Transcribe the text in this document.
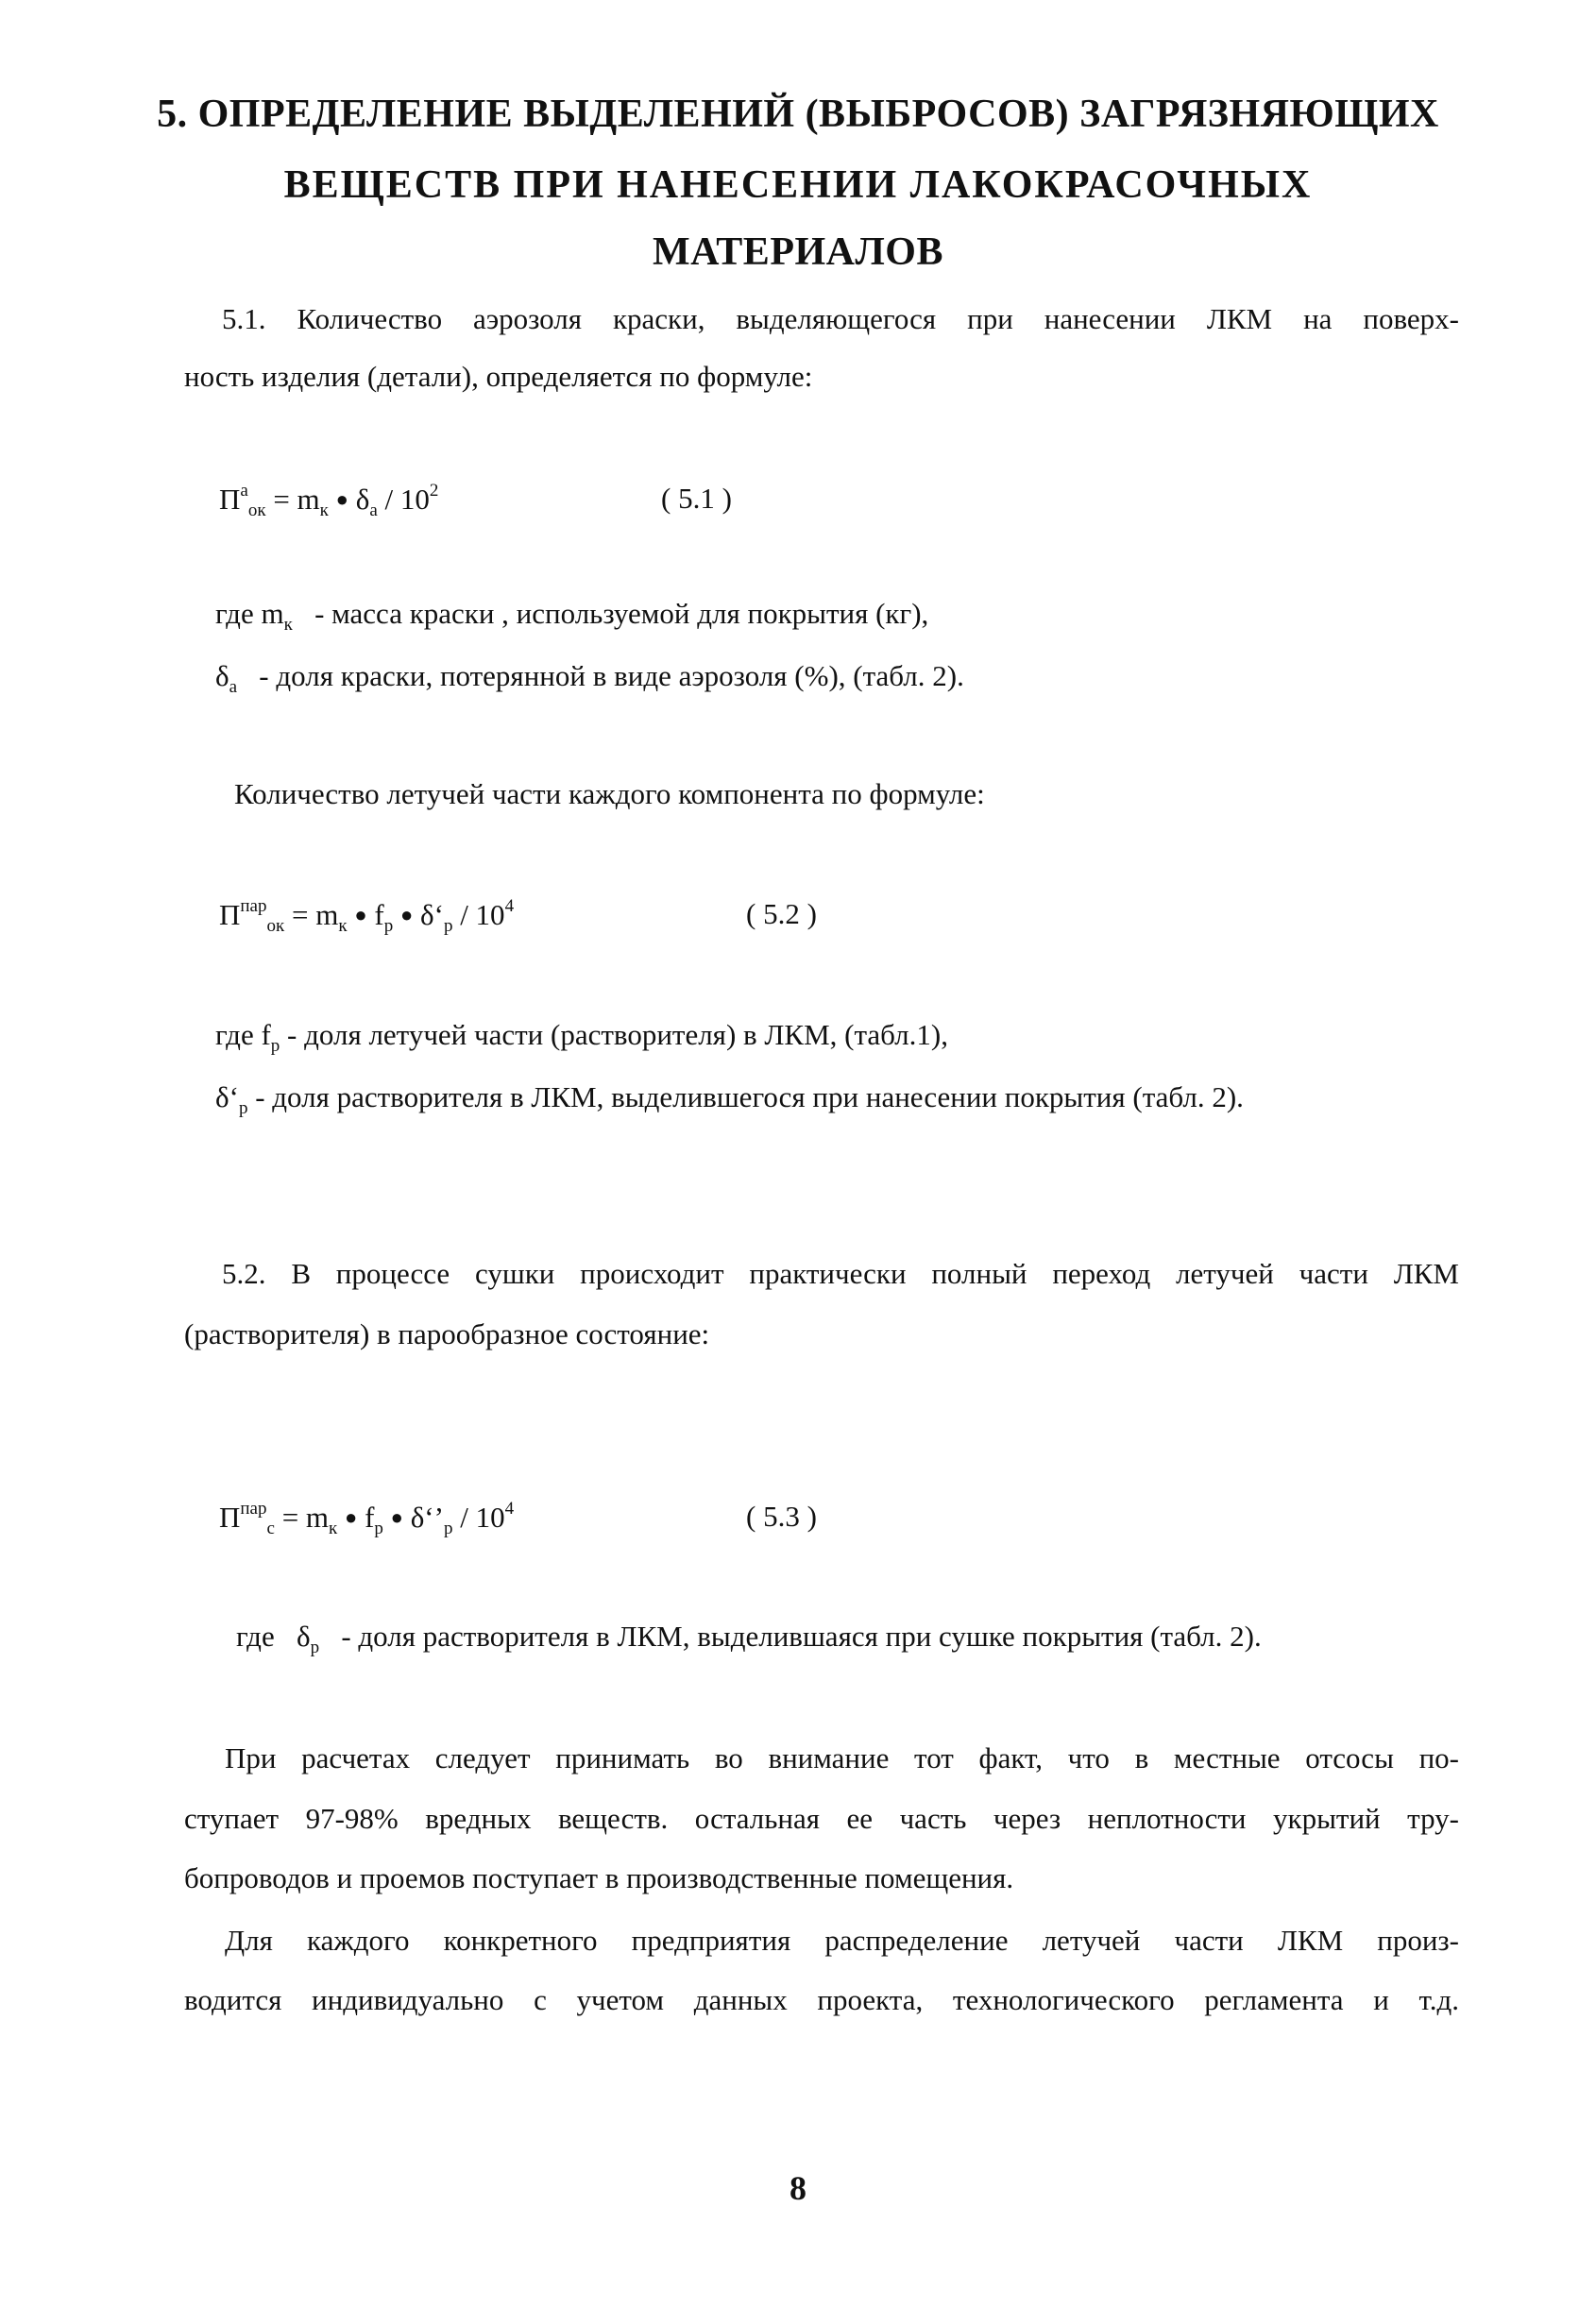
5. ОПРЕДЕЛЕНИЕ ВЫДЕЛЕНИЙ (ВЫБРОСОВ) ЗАГРЯЗНЯЮЩИХ
ВЕЩЕСТВ ПРИ НАНЕСЕНИИ ЛАКОКРАСОЧНЫХ
МАТЕРИАЛОВ
5.1. Количество аэрозоля краски, выделяющегося при нанесении ЛКМ на поверх-
ность изделия (детали), определяется по формуле:
$П^а_{ок} = m_к$ ● $\delta_а / 10^2$	( 5.1 )
где $m_к$ - масса краски , используемой для покрытия (кг),
$\delta_а$ - доля краски, потерянной в виде аэрозоля (%), (табл. 2).
Количество летучей части каждого компонента по формуле:
$П^{пар}_{ок} = m_к$ ● $f_р$ ● $\delta‘_р / 10^4$	( 5.2 )
где $f_р$ - доля летучей части (растворителя) в ЛКМ, (табл.1),
$\delta‘_р$ - доля растворителя в ЛКМ, выделившегося при нанесении покрытия (табл. 2).
5.2. В процессе сушки происходит практически полный переход летучей части ЛКМ
(растворителя) в парообразное состояние:
$П^{пар}_с = m_к$ ● $f_р$ ● $\delta‘’_р / 10^4$	( 5.3 )
где $\delta_р$ - доля растворителя в ЛКМ, выделившаяся при сушке покрытия (табл. 2).
При расчетах следует принимать во внимание тот факт, что в местные отсосы по-
ступает 97-98% вредных веществ. остальная ее часть через неплотности укрытий тру-
бопроводов и проемов поступает в производственные помещения.
Для каждого конкретного предприятия распределение летучей части ЛКМ произ-
водится индивидуально с учетом данных проекта, технологического регламента и т.д.
8
